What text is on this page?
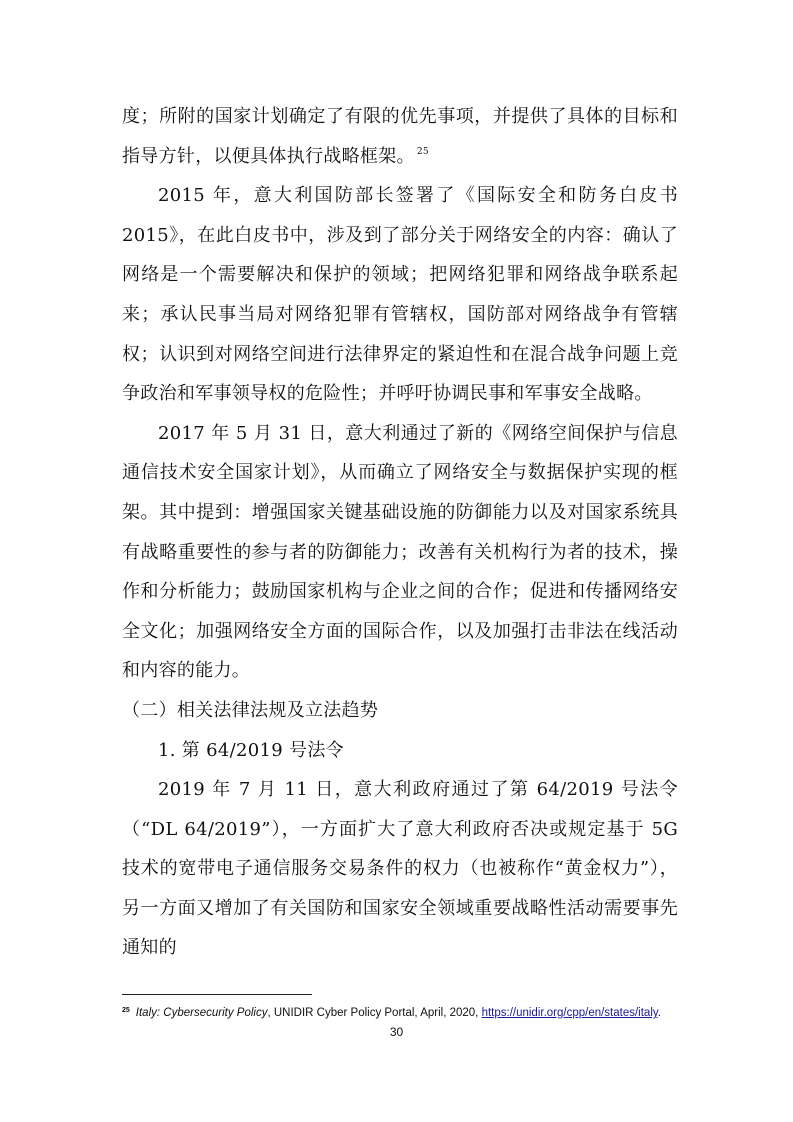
度；所附的国家计划确定了有限的优先事项，并提供了具体的目标和指导方针，以便具体执行战略框架。 $^{25}$

2015 年，意大利国防部长签署了《国际安全和防务白皮书 2015》，在此白皮书中，涉及到了部分关于网络安全的内容：确认了网络是一个需要解决和保护的领域；把网络犯罪和网络战争联系起来；承认民事当局对网络犯罪有管辖权，国防部对网络战争有管辖权；认识到对网络空间进行法律界定的紧迫性和在混合战争问题上竞争政治和军事领导权的危险性；并呼吁协调民事和军事安全战略。

2017 年 5 月 31 日，意大利通过了新的《网络空间保护与信息通信技术安全国家计划》，从而确立了网络安全与数据保护实现的框架。其中提到：增强国家关键基础设施的防御能力以及对国家系统具有战略重要性的参与者的防御能力；改善有关机构行为者的技术，操作和分析能力；鼓励国家机构与企业之间的合作；促进和传播网络安全文化；加强网络安全方面的国际合作，以及加强打击非法在线活动和内容的能力。

（二）相关法律法规及立法趋势

1. 第 64/2019 号法令

2019 年 7 月 11 日，意大利政府通过了第 64/2019 号法令（“DL 64/2019”），一方面扩大了意大利政府否决或规定基于 5G 技术的宽带电子通信服务交易条件的权力（也被称作“黄金权力”），另一方面又增加了有关国防和国家安全领域重要战略性活动需要事先通知的

$^{25}$ Italy: Cybersecurity Policy, UNIDIR Cyber Policy Portal, April, 2020, https://unidir.org/cpp/en/states/italy.
30
